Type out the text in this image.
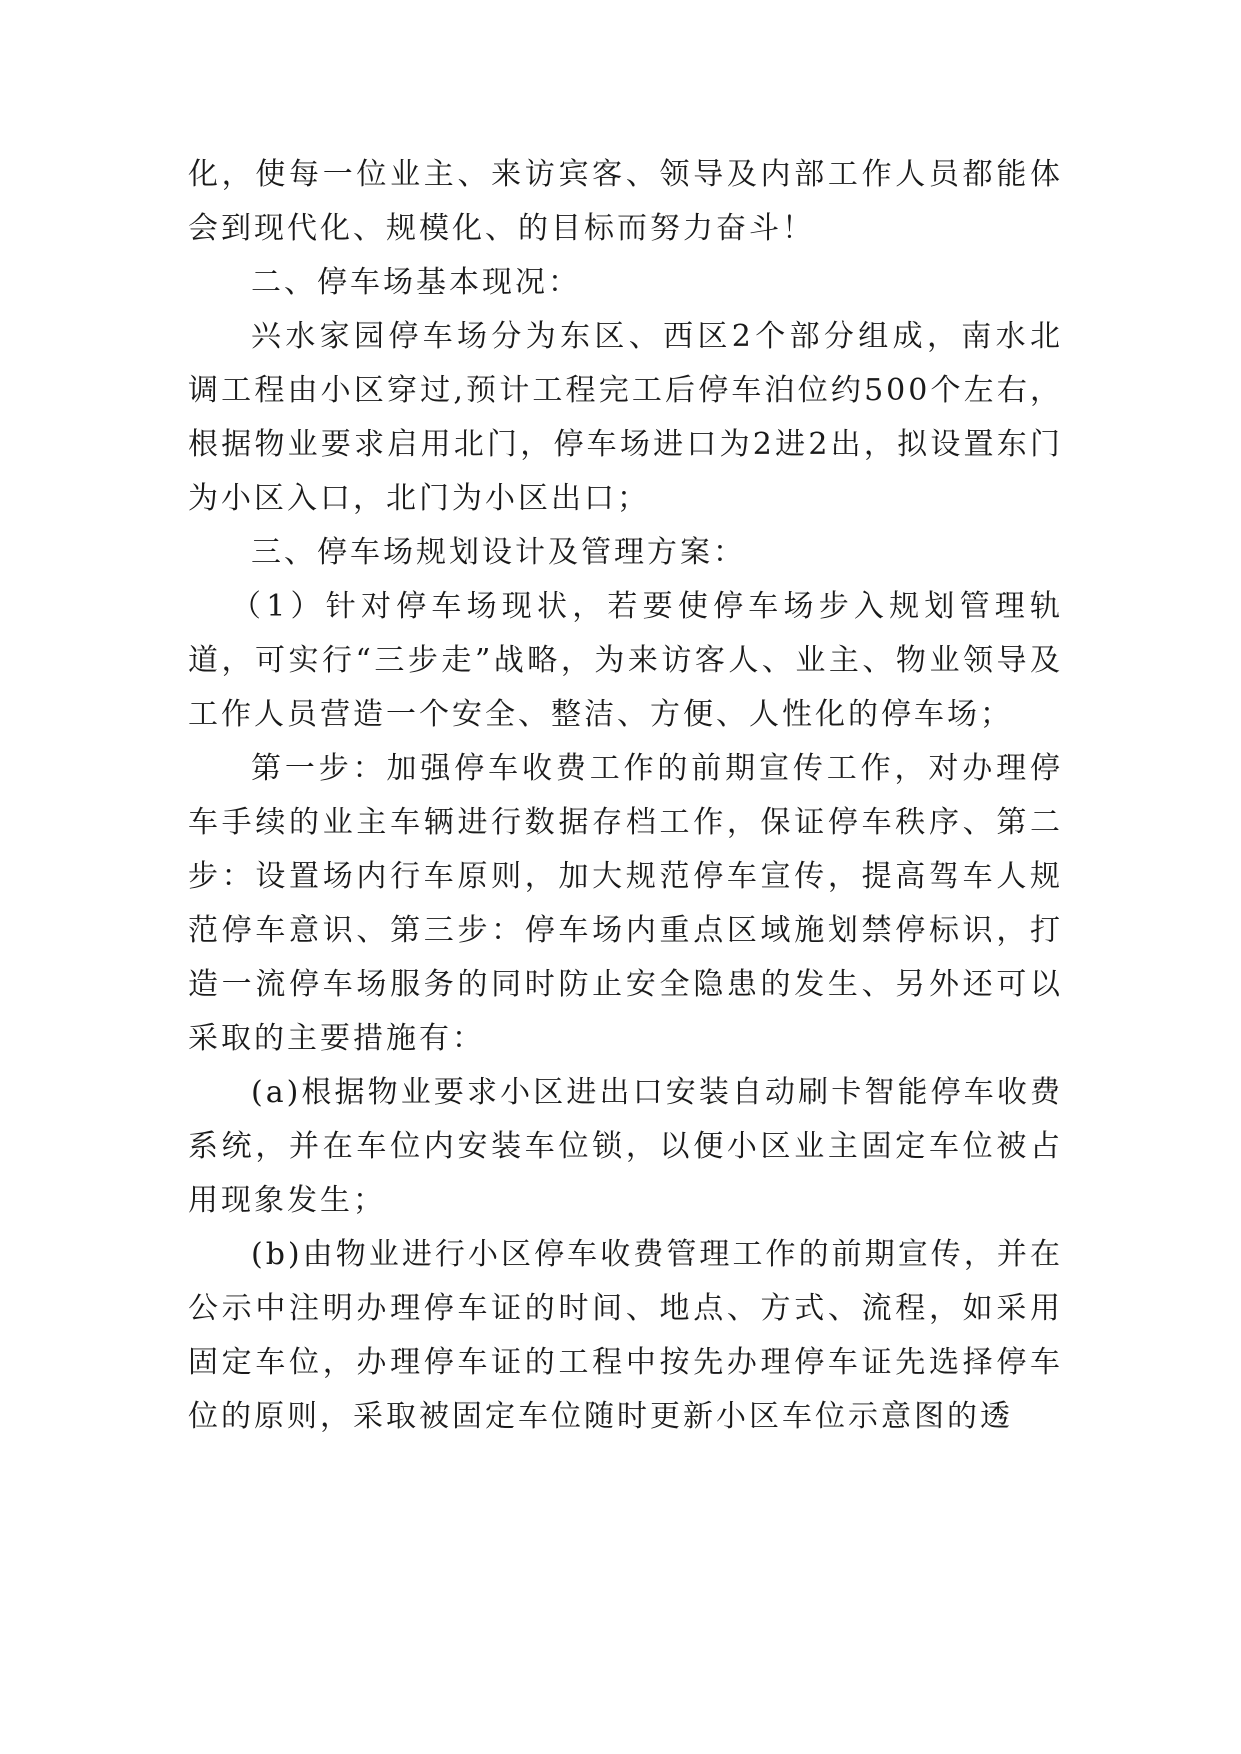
化，使每一位业主、来访宾客、领导及内部工作人员都能体会到现代化、规模化、的目标而努力奋斗！

二、停车场基本现况：

兴水家园停车场分为东区、西区2个部分组成，南水北调工程由小区穿过,预计工程完工后停车泊位约500个左右，根据物业要求启用北门，停车场进口为2进2出，拟设置东门为小区入口，北门为小区出口；

三、停车场规划设计及管理方案：

（1）针对停车场现状，若要使停车场步入规划管理轨道，可实行“三步走”战略，为来访客人、业主、物业领导及工作人员营造一个安全、整洁、方便、人性化的停车场；

第一步：加强停车收费工作的前期宣传工作，对办理停车手续的业主车辆进行数据存档工作，保证停车秩序、第二步：设置场内行车原则，加大规范停车宣传，提高驾车人规范停车意识、第三步：停车场内重点区域施划禁停标识，打造一流停车场服务的同时防止安全隐患的发生、另外还可以采取的主要措施有：

(a)根据物业要求小区进出口安装自动刷卡智能停车收费系统，并在车位内安装车位锁，以便小区业主固定车位被占用现象发生；

(b)由物业进行小区停车收费管理工作的前期宣传，并在公示中注明办理停车证的时间、地点、方式、流程，如采用固定车位，办理停车证的工程中按先办理停车证先选择停车位的原则，采取被固定车位随时更新小区车位示意图的透
